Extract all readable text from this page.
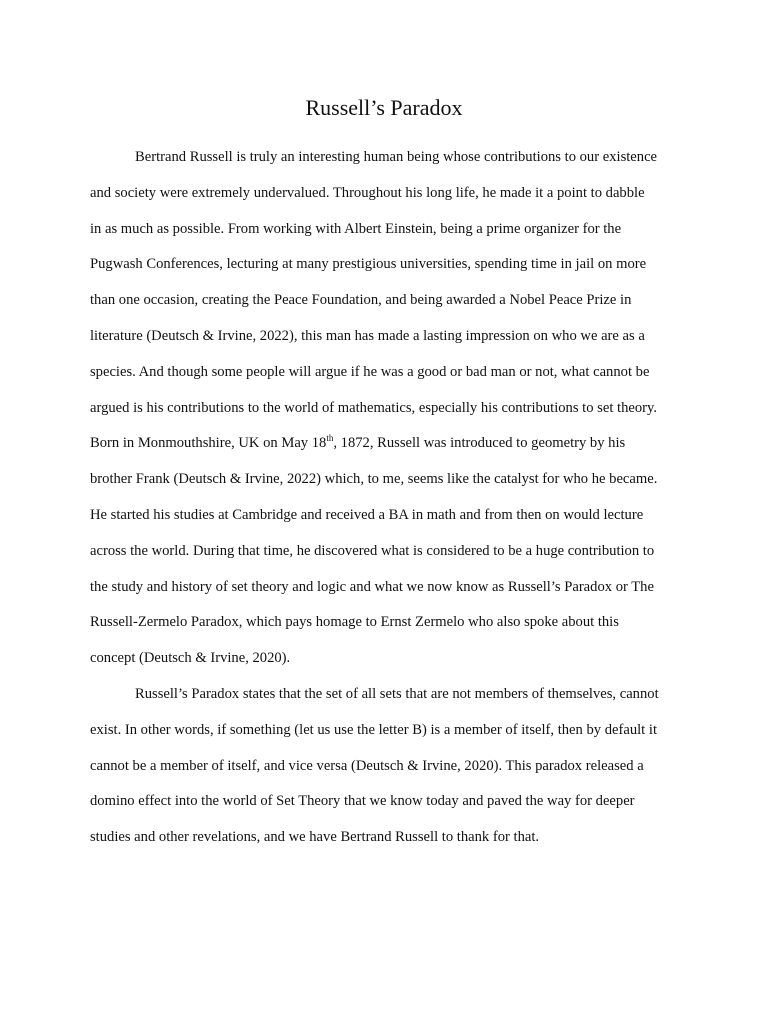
Russell’s Paradox

Bertrand Russell is truly an interesting human being whose contributions to our existence
and society were extremely undervalued. Throughout his long life, he made it a point to dabble
in as much as possible. From working with Albert Einstein, being a prime organizer for the
Pugwash Conferences, lecturing at many prestigious universities, spending time in jail on more
than one occasion, creating the Peace Foundation, and being awarded a Nobel Peace Prize in
literature (Deutsch & Irvine, 2022), this man has made a lasting impression on who we are as a
species. And though some people will argue if he was a good or bad man or not, what cannot be
argued is his contributions to the world of mathematics, especially his contributions to set theory.
Born in Monmouthshire, UK on May 18th, 1872, Russell was introduced to geometry by his
brother Frank (Deutsch & Irvine, 2022) which, to me, seems like the catalyst for who he became.
He started his studies at Cambridge and received a BA in math and from then on would lecture
across the world. During that time, he discovered what is considered to be a huge contribution to
the study and history of set theory and logic and what we now know as Russell’s Paradox or The
Russell-Zermelo Paradox, which pays homage to Ernst Zermelo who also spoke about this
concept (Deutsch & Irvine, 2020).

Russell’s Paradox states that the set of all sets that are not members of themselves, cannot
exist. In other words, if something (let us use the letter B) is a member of itself, then by default it
cannot be a member of itself, and vice versa (Deutsch & Irvine, 2020). This paradox released a
domino effect into the world of Set Theory that we know today and paved the way for deeper
studies and other revelations, and we have Bertrand Russell to thank for that.
